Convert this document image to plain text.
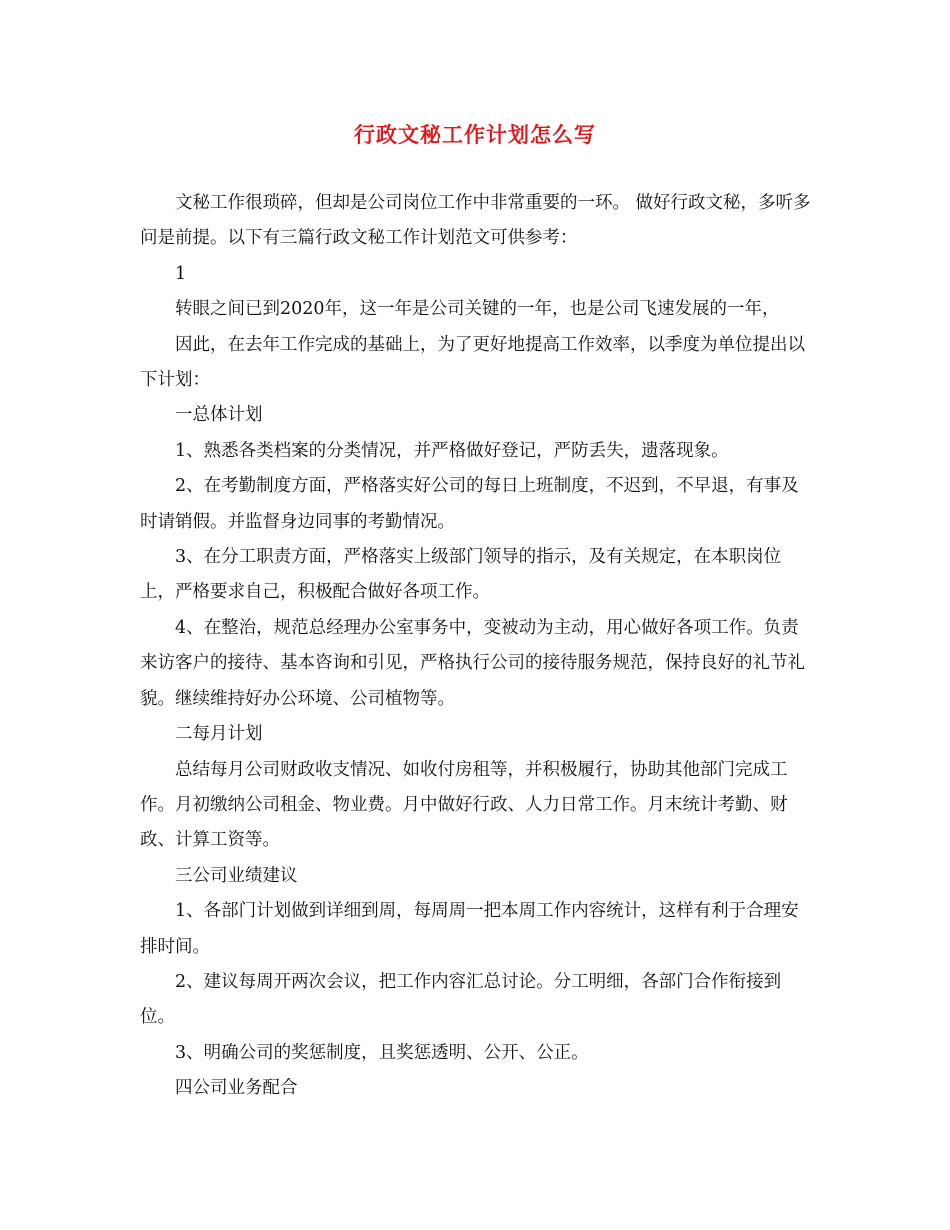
行政文秘工作计划怎么写

文秘工作很琐碎，但却是公司岗位工作中非常重要的一环。 做好行政文秘，多听多问是前提。以下有三篇行政文秘工作计划范文可供参考：

1

转眼之间已到2020年，这一年是公司关键的一年，也是公司飞速发展的一年，

因此，在去年工作完成的基础上，为了更好地提高工作效率，以季度为单位提出以下计划：

一总体计划

1、熟悉各类档案的分类情况，并严格做好登记，严防丢失，遗落现象。

2、在考勤制度方面，严格落实好公司的每日上班制度，不迟到，不早退，有事及时请销假。并监督身边同事的考勤情况。

3、在分工职责方面，严格落实上级部门领导的指示，及有关规定，在本职岗位上，严格要求自己，积极配合做好各项工作。

4、在整治，规范总经理办公室事务中，变被动为主动，用心做好各项工作。负责来访客户的接待、基本咨询和引见，严格执行公司的接待服务规范，保持良好的礼节礼貌。继续维持好办公环境、公司植物等。

二每月计划

总结每月公司财政收支情况、如收付房租等，并积极履行，协助其他部门完成工作。月初缴纳公司租金、物业费。月中做好行政、人力日常工作。月末统计考勤、财政、计算工资等。

三公司业绩建议

1、各部门计划做到详细到周，每周周一把本周工作内容统计，这样有利于合理安排时间。

2、建议每周开两次会议，把工作内容汇总讨论。分工明细，各部门合作衔接到位。

3、明确公司的奖惩制度，且奖惩透明、公开、公正。

四公司业务配合
